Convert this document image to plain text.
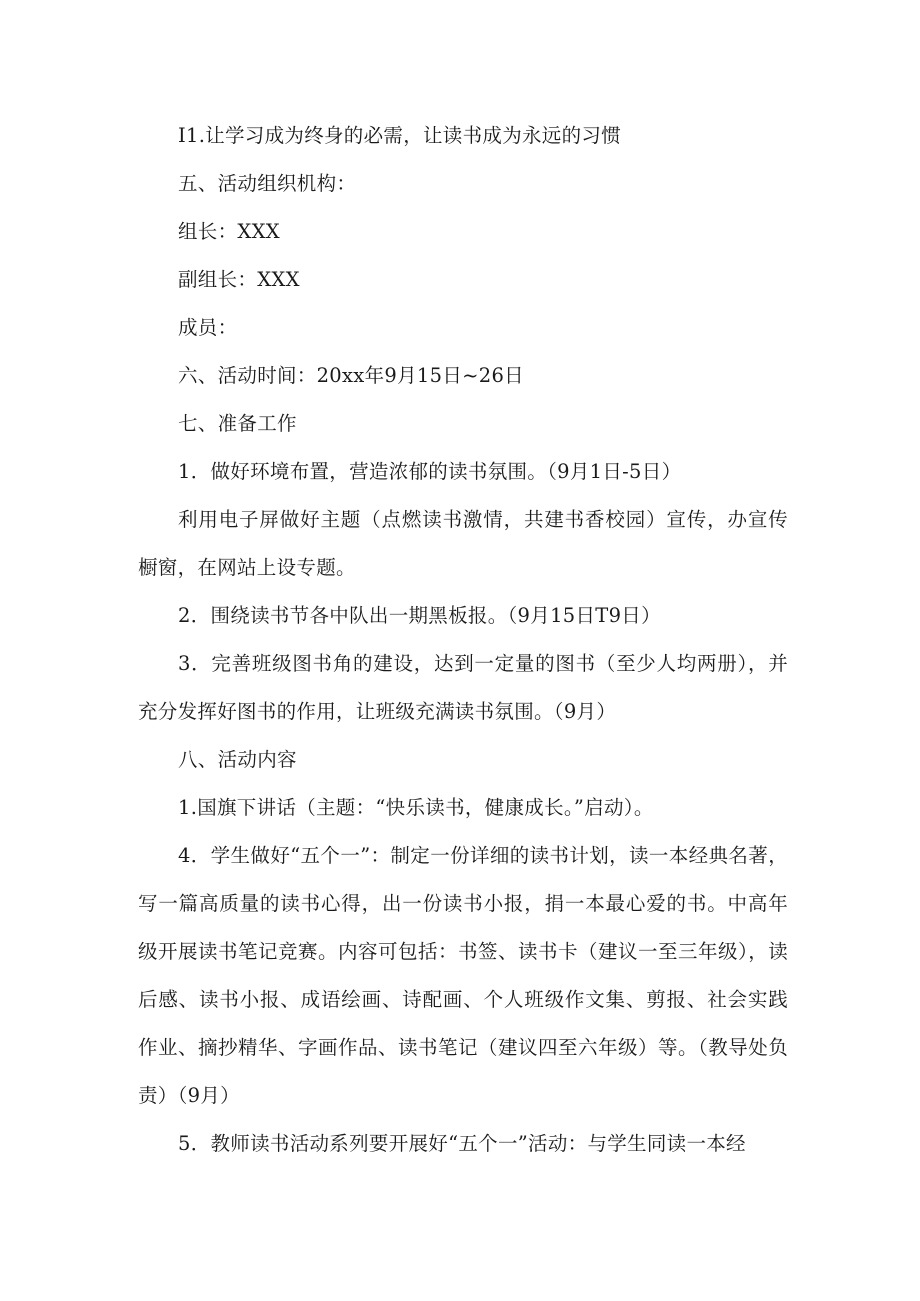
I1.让学习成为终身的必需，让读书成为永远的习惯

五、活动组织机构：

组长：XXX

副组长：XXX

成员：

六、活动时间：20xx年9月15日~26日

七、准备工作

1．做好环境布置，营造浓郁的读书氛围。（9月1日-5日）

利用电子屏做好主题（点燃读书激情，共建书香校园）宣传，办宣传橱窗，在网站上设专题。

2．围绕读书节各中队出一期黑板报。（9月15日T9日）

3．完善班级图书角的建设，达到一定量的图书（至少人均两册），并充分发挥好图书的作用，让班级充满读书氛围。（9月）

八、活动内容

1.国旗下讲话（主题：“快乐读书，健康成长。”启动）。

4．学生做好“五个一”：制定一份详细的读书计划，读一本经典名著，写一篇高质量的读书心得，出一份读书小报，捐一本最心爱的书。中高年级开展读书笔记竞赛。内容可包括：书签、读书卡（建议一至三年级），读后感、读书小报、成语绘画、诗配画、个人班级作文集、剪报、社会实践作业、摘抄精华、字画作品、读书笔记（建议四至六年级）等。（教导处负责）（9月）

5．教师读书活动系列要开展好“五个一”活动：与学生同读一本经
